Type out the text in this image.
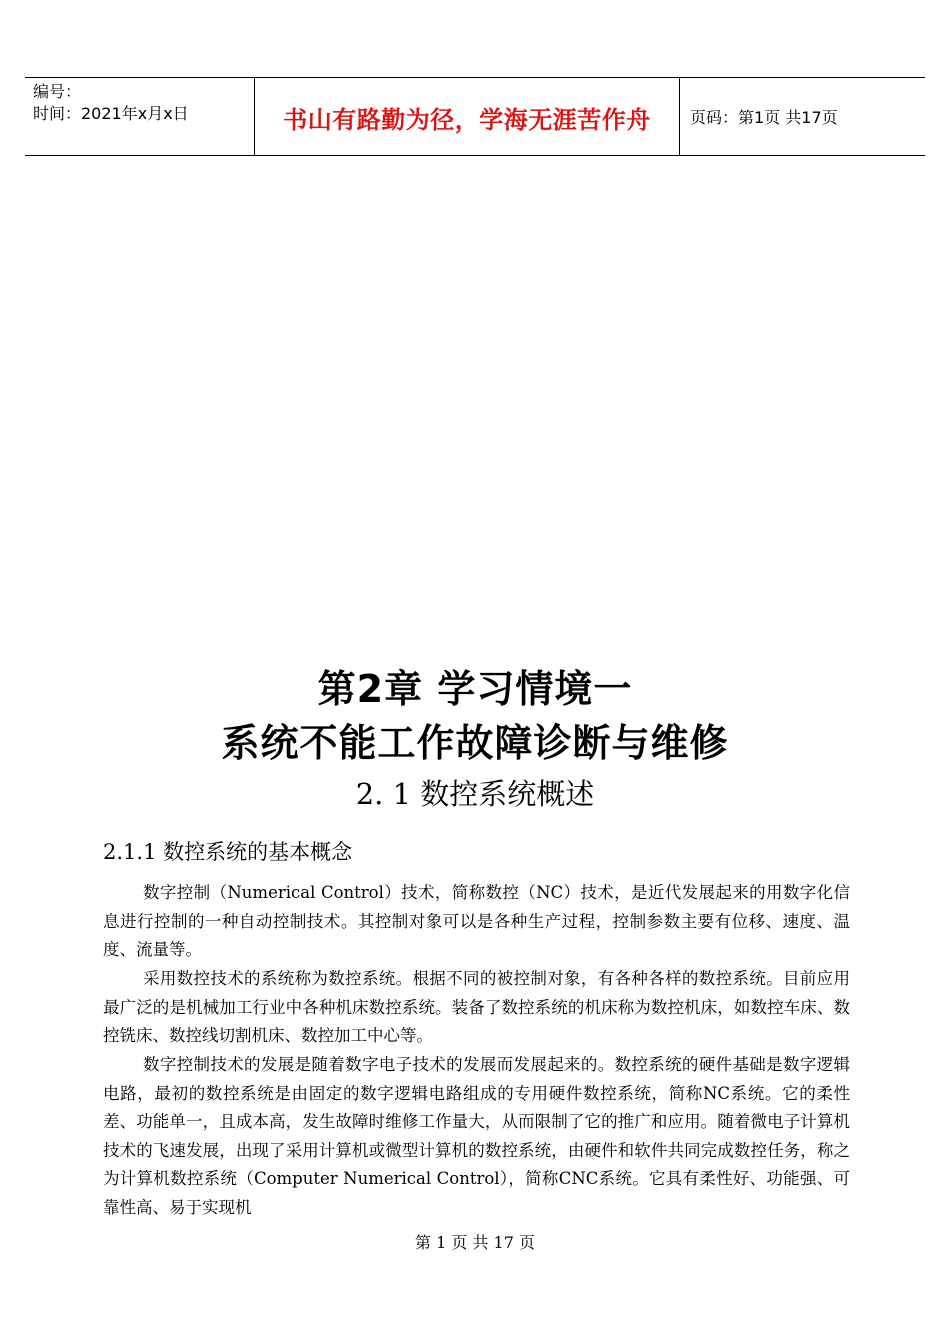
编号：
时间：2021年x月x日	书山有路勤为径，学海无涯苦作舟	页码：第1页 共17页
第2章 学习情境一
系统不能工作故障诊断与维修
2. 1 数控系统概述
2.1.1 数控系统的基本概念
数字控制（Numerical Control）技术，简称数控（NC）技术，是近代发展起来的用数字化信息进行控制的一种自动控制技术。其控制对象可以是各种生产过程，控制参数主要有位移、速度、温度、流量等。
采用数控技术的系统称为数控系统。根据不同的被控制对象，有各种各样的数控系统。目前应用最广泛的是机械加工行业中各种机床数控系统。装备了数控系统的机床称为数控机床，如数控车床、数控铣床、数控线切割机床、数控加工中心等。
数字控制技术的发展是随着数字电子技术的发展而发展起来的。数控系统的硬件基础是数字逻辑电路，最初的数控系统是由固定的数字逻辑电路组成的专用硬件数控系统，简称NC系统。它的柔性差、功能单一，且成本高，发生故障时维修工作量大，从而限制了它的推广和应用。随着微电子计算机技术的飞速发展，出现了采用计算机或微型计算机的数控系统，由硬件和软件共同完成数控任务，称之为计算机数控系统（Computer Numerical Control），简称CNC系统。它具有柔性好、功能强、可靠性高、易于实现机
第 1 页 共 17 页
